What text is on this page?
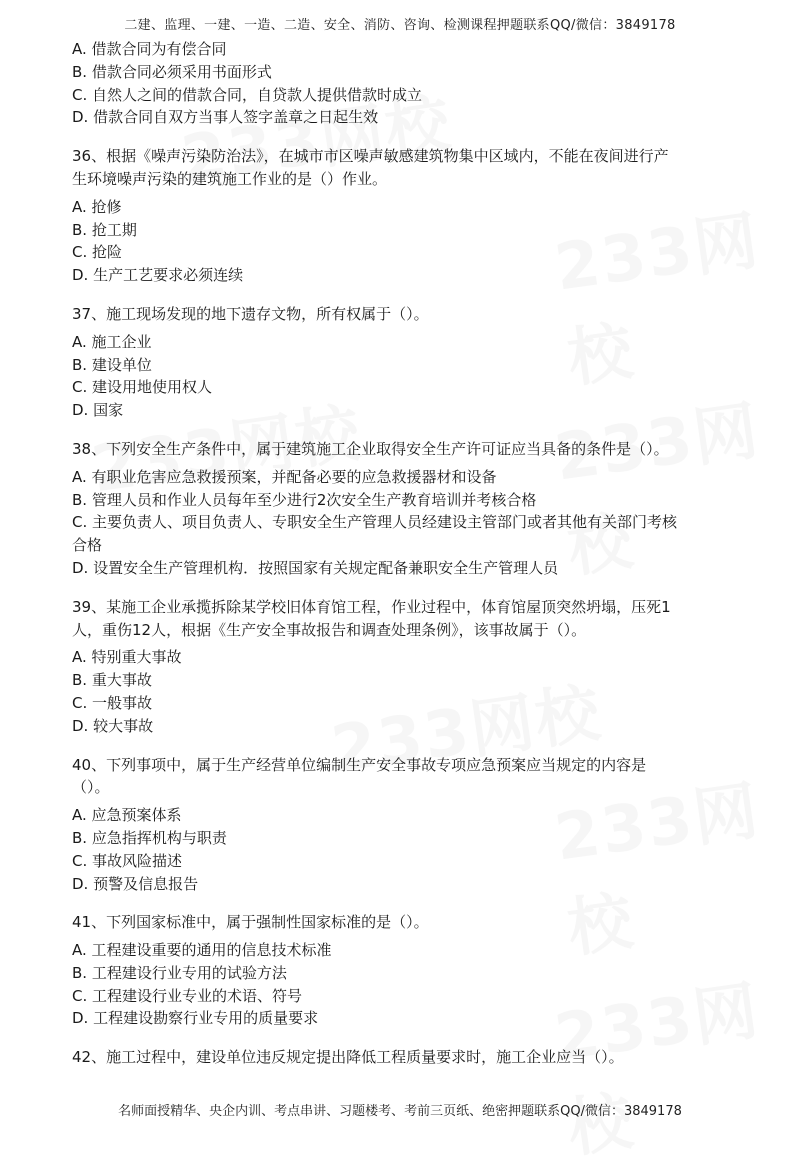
二建、监理、一建、一造、二造、安全、消防、咨询、检测课程押题联系QQ/微信：3849178
A. 借款合同为有偿合同
B. 借款合同必须采用书面形式
C. 自然人之间的借款合同，自贷款人提供借款时成立
D. 借款合同自双方当事人签字盖章之日起生效
36、根据《噪声污染防治法》，在城市市区噪声敏感建筑物集中区域内，不能在夜间进行产
生环境噪声污染的建筑施工作业的是（）作业。
A. 抢修
B. 抢工期
C. 抢险
D. 生产工艺要求必须连续
37、施工现场发现的地下遗存文物，所有权属于（）。
A. 施工企业
B. 建设单位
C. 建设用地使用权人
D. 国家
38、下列安全生产条件中，属于建筑施工企业取得安全生产许可证应当具备的条件是（）。
A. 有职业危害应急救援预案，并配备必要的应急救援器材和设备
B. 管理人员和作业人员每年至少进行2次安全生产教育培训并考核合格
C. 主要负责人、项目负责人、专职安全生产管理人员经建设主管部门或者其他有关部门考核
合格
D. 设置安全生产管理机构．按照国家有关规定配备兼职安全生产管理人员
39、某施工企业承揽拆除某学校旧体育馆工程，作业过程中，体育馆屋顶突然坍塌，压死1
人，重伤12人，根据《生产安全事故报告和调查处理条例》，该事故属于（）。
A. 特别重大事故
B. 重大事故
C. 一般事故
D. 较大事故
40、下列事项中，属于生产经营单位编制生产安全事故专项应急预案应当规定的内容是
（）。
A. 应急预案体系
B. 应急指挥机构与职责
C. 事故风险描述
D. 预警及信息报告
41、下列国家标准中，属于强制性国家标准的是（）。
A. 工程建设重要的通用的信息技术标准
B. 工程建设行业专用的试验方法
C. 工程建设行业专业的术语、符号
D. 工程建设勘察行业专用的质量要求
42、施工过程中，建设单位违反规定提出降低工程质量要求时，施工企业应当（）。
名师面授精华、央企内训、考点串讲、习题楼考、考前三页纸、绝密押题联系QQ/微信：3849178
